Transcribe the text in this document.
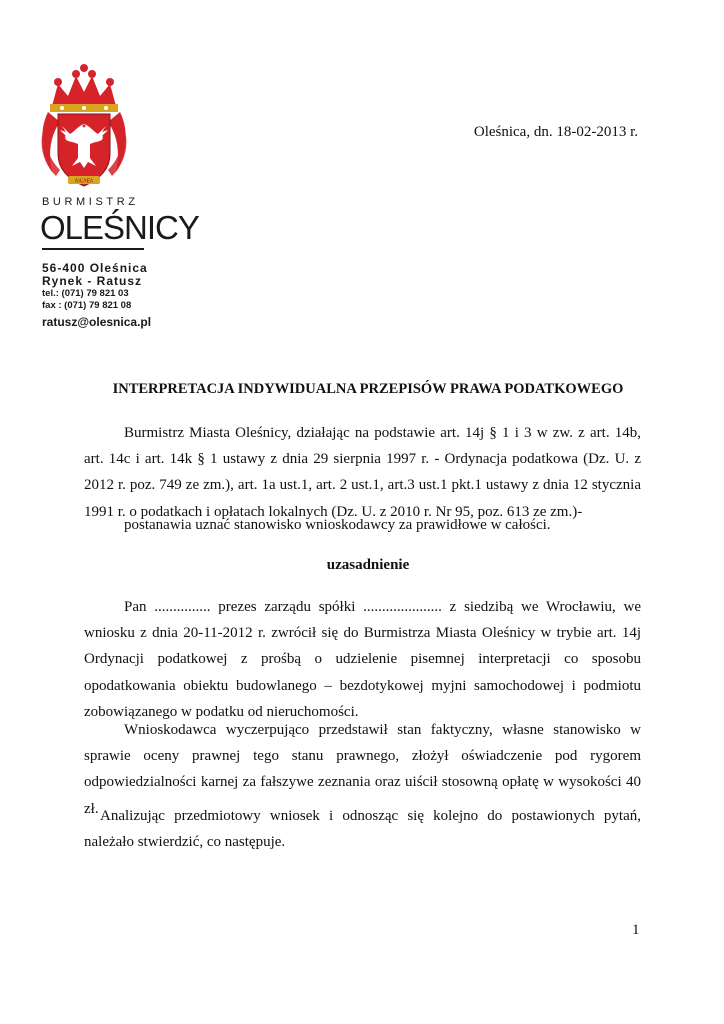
ΛΙCΛΕΛ
BURMISTRZ
OLEŚNICY
56-400 Oleśnica
Rynek - Ratusz
tel.: (071) 79 821 03
fax : (071) 79 821 08
ratusz@olesnica.pl
Oleśnica, dn. 18-02-2013 r.
INTERPRETACJA INDYWIDUALNA PRZEPISÓW PRAWA PODATKOWEGO

Burmistrz Miasta Oleśnicy, działając na podstawie art. 14j § 1 i 3 w zw. z art. 14b, art. 14c i art. 14k § 1 ustawy z dnia 29 sierpnia 1997 r. - Ordynacja podatkowa (Dz. U. z 2012 r. poz. 749 ze zm.), art. 1a ust.1, art. 2 ust.1, art.3 ust.1 pkt.1 ustawy z dnia 12 stycznia 1991 r. o podatkach i opłatach lokalnych (Dz. U. z 2010 r. Nr 95, poz. 613 ze zm.)-

postanawia uznać stanowisko wnioskodawcy za prawidłowe w całości.
uzasadnienie

Pan ............... prezes zarządu spółki ..................... z siedzibą we Wrocławiu, we wniosku z dnia 20-11-2012 r. zwrócił się do Burmistrza Miasta Oleśnicy w trybie art. 14j Ordynacji podatkowej z prośbą o udzielenie pisemnej interpretacji co sposobu opodatkowania obiektu budowlanego – bezdotykowej myjni samochodowej i podmiotu zobowiązanego w podatku od nieruchomości.

Wnioskodawca wyczerpująco przedstawił stan faktyczny, własne stanowisko w sprawie oceny prawnej tego stanu prawnego, złożył oświadczenie pod rygorem odpowiedzialności karnej za fałszywe zeznania oraz uiścił stosowną opłatę w wysokości 40 zł. Analizując przedmiotowy wniosek i odnosząc się kolejno do postawionych pytań, należało stwierdzić, co następuje.

1
